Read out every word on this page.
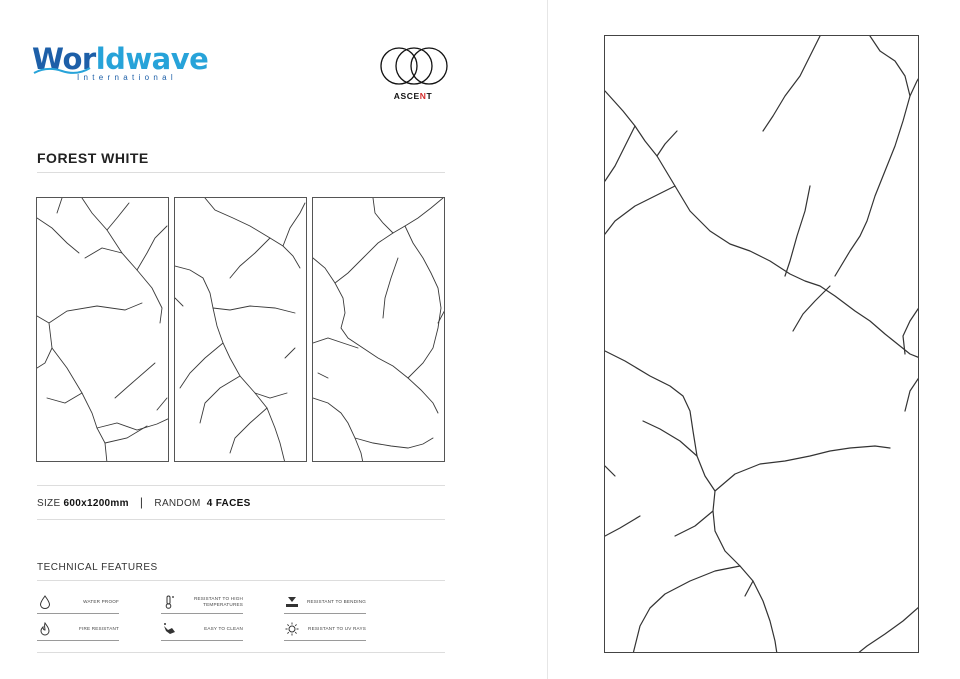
Worldwave
International
ASCENT
FOREST WHITE
SIZE 600x1200mm | RANDOM 4 FACES
TECHNICAL FEATURES
WATER PROOF
RESISTANT TO HIGH TEMPERATURES
RESISTANT TO BENDING
FIRE RESISTANT	EASY TO CLEAN	RESISTANT TO UV RAYS
